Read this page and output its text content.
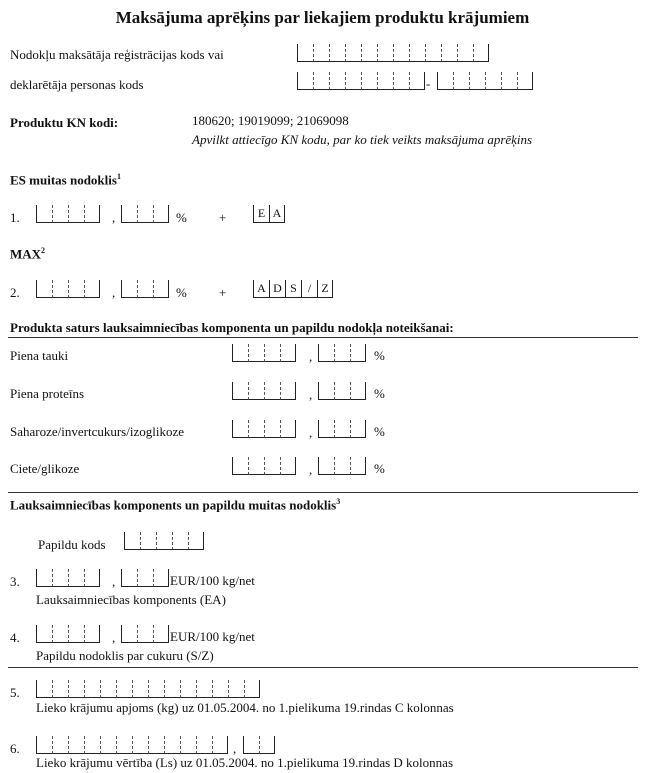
Maksājuma aprēķins par liekajiem produktu krājumiem
Nodokļu maksātāja reģistrācijas kods vai
deklarētāja personas kods	-
Produktu KN kodi:	180620; 19019099; 21069098
Apvilkt attiecīgo KN kodu, par ko tiek veikts maksājuma aprēķins
ES muitas nodoklis$^1$
1.	,	% +	E A
MAX$^2$
2.	,	% +	A D S / Z
Produkta saturs lauksaimniecības komponenta un papildu nodokļa noteikšanai:
Piena tauki	,	%
Piena proteīns	,	%
Saharoze/invertcukurs/izoglikoze	,	%
Ciete/glikoze	,	%
Lauksaimniecības komponents un papildu muitas nodoklis$^3$
Papildu kods
3.	,	EUR/100 kg/net
Lauksaimniecības komponents (EA)
4.	,	EUR/100 kg/net
Papildu nodoklis par cukuru (S/Z)
5.
Lieko krājumu apjoms (kg) uz 01.05.2004. no 1.pielikuma 19.rindas C kolonnas
6.	,
Lieko krājumu vērtība (Ls) uz 01.05.2004. no 1.pielikuma 19.rindas D kolonnas
